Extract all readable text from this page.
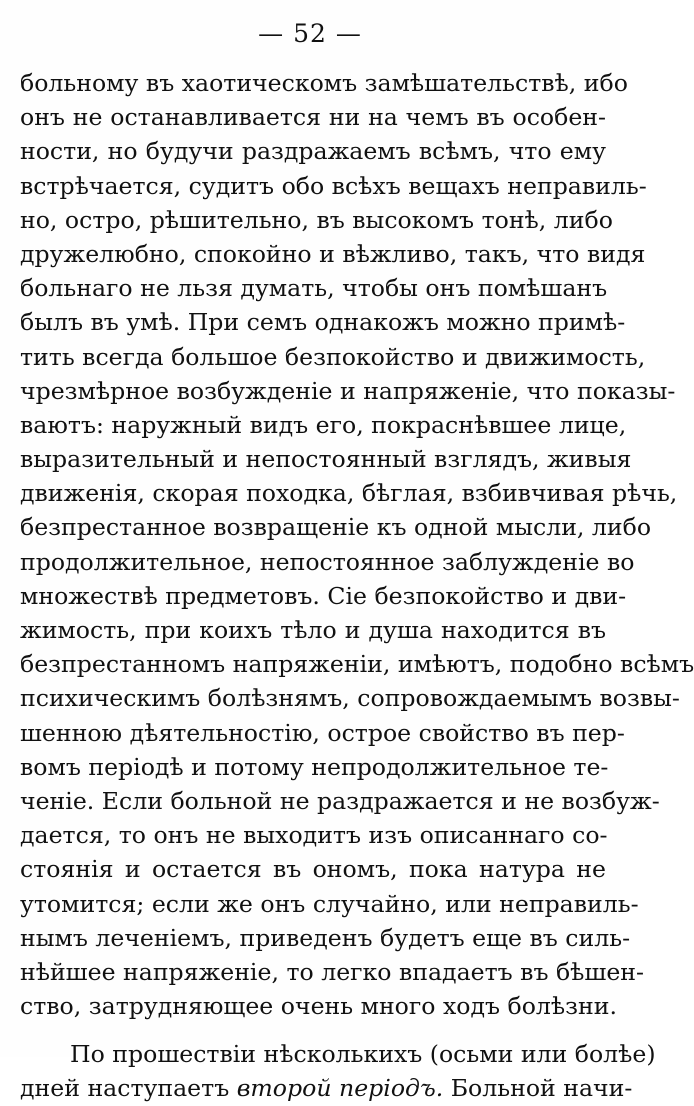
— 52 —
больному въ хаотическомъ замѣшательствѣ, ибо
онъ не останавливается ни на чемъ въ особен-
ности, но будучи раздражаемъ всѣмъ, что ему
встрѣчается, судитъ обо всѣхъ вещахъ неправиль-
но, остро, рѣшительно, въ высокомъ тонѣ, либо
дружелюбно, спокойно и вѣжливо, такъ, что видя
больнаго не льзя думать, чтобы онъ помѣшанъ
былъ въ умѣ. При семъ однакожъ можно примѣ-
тить всегда большое безпокойство и движимость,
чрезмѣрное возбужденіе и напряженіе, что показы-
ваютъ: наружный видъ его, покраснѣвшее лице,
выразительный и непостоянный взглядъ, живыя
движенія, скорая походка, бѣглая, взбивчивая рѣчь,
безпрестанное возвращеніе къ одной мысли, либо
продолжительное, непостоянное заблужденіе во
множествѣ предметовъ. Сіе безпокойство и дви-
жимость, при коихъ тѣло и душа находится въ
безпрестанномъ напряженіи, имѣютъ, подобно всѣмъ
психическимъ болѣзнямъ, сопровождаемымъ возвы-
шенною дѣятельностію, острое свойство въ пер-
вомъ періодѣ и потому непродолжительное те-
ченіе. Если больной не раздражается и не возбуж-
дается, то онъ не выходитъ изъ описаннаго со-
стоянія и остается въ ономъ, пока натура не
утомится; если же онъ случайно, или неправиль-
нымъ леченіемъ, приведенъ будетъ еще въ силь-
нѣйшее напряженіе, то легко впадаетъ въ бѣшен-
ство, затрудняющее очень много ходъ болѣзни.
По прошествіи нѣсколькихъ (осьми или болѣе)
дней наступаетъ второй періодъ. Больной начи-
